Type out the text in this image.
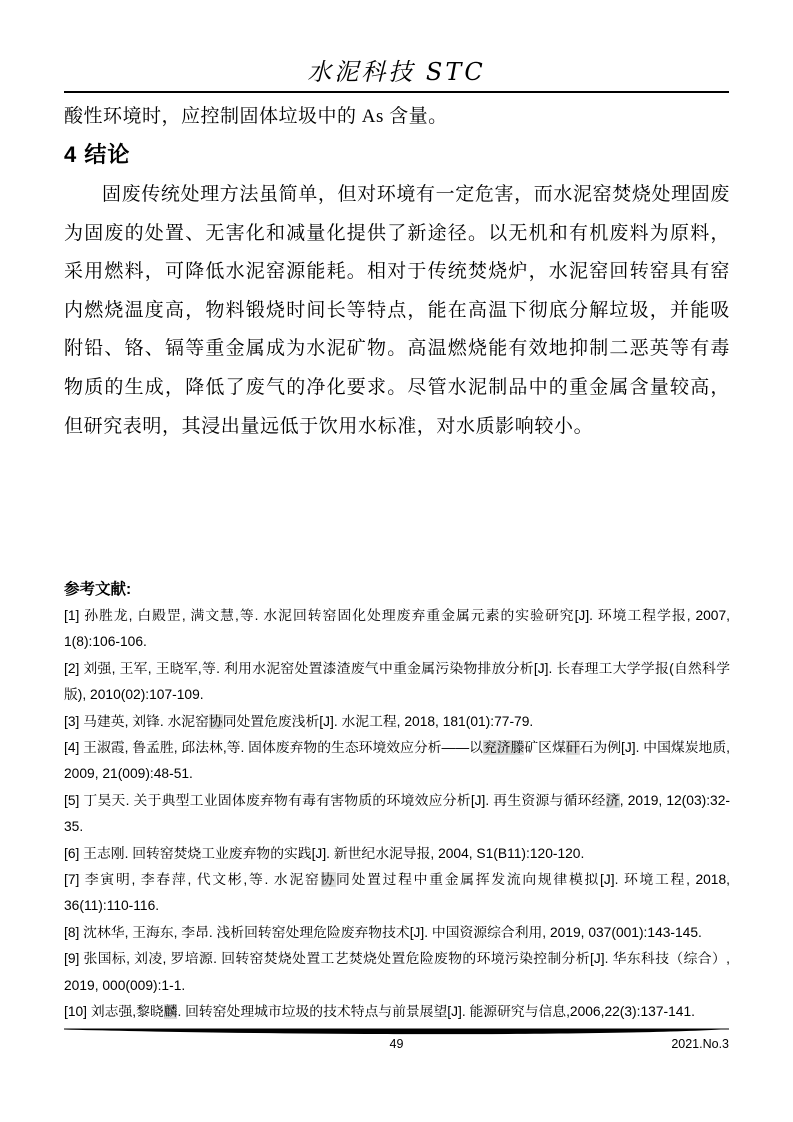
水泥科技 STC

酸性环境时，应控制固体垃圾中的 As 含量。

4 结论

固废传统处理方法虽简单，但对环境有一定危害，而水泥窑焚烧处理固废为固废的处置、无害化和减量化提供了新途径。以无机和有机废料为原料，采用燃料，可降低水泥窑源能耗。相对于传统焚烧炉，水泥窑回转窑具有窑内燃烧温度高，物料锻烧时间长等特点，能在高温下彻底分解垃圾，并能吸附铅、铬、镉等重金属成为水泥矿物。高温燃烧能有效地抑制二恶英等有毒物质的生成，降低了废气的净化要求。尽管水泥制品中的重金属含量较高，但研究表明，其浸出量远低于饮用水标准，对水质影响较小。

参考文献:
[1] 孙胜龙, 白殿罡, 满文慧,等. 水泥回转窑固化处理废弃重金属元素的实验研究[J]. 环境工程学报, 2007, 1(8):106-106.
[2] 刘强, 王军, 王晓军,等. 利用水泥窑处置漆渣废气中重金属污染物排放分析[J]. 长春理工大学学报(自然科学版), 2010(02):107-109.
[3] 马建英, 刘锋. 水泥窑协同处置危废浅析[J]. 水泥工程, 2018, 181(01):77-79.
[4] 王淑霞, 鲁孟胜, 邱法林,等. 固体废弃物的生态环境效应分析——以兖济滕矿区煤矸石为例[J]. 中国煤炭地质, 2009, 21(009):48-51.
[5] 丁昊天. 关于典型工业固体废弃物有毒有害物质的环境效应分析[J]. 再生资源与循环经济, 2019, 12(03):32-35.
[6] 王志刚. 回转窑焚烧工业废弃物的实践[J]. 新世纪水泥导报, 2004, S1(B11):120-120.
[7] 李寅明, 李春萍, 代文彬,等. 水泥窑协同处置过程中重金属挥发流向规律模拟[J]. 环境工程, 2018, 36(11):110-116.
[8] 沈林华, 王海东, 李昂. 浅析回转窑处理危险废弃物技术[J]. 中国资源综合利用, 2019, 037(001):143-145.
[9] 张国标, 刘凌, 罗培源. 回转窑焚烧处置工艺焚烧处置危险废物的环境污染控制分析[J]. 华东科技（综合）, 2019, 000(009):1-1.
[10] 刘志强,黎晓麟. 回转窑处理城市垃圾的技术特点与前景展望[J]. 能源研究与信息,2006,22(3):137-141.
49	2021.No.3
